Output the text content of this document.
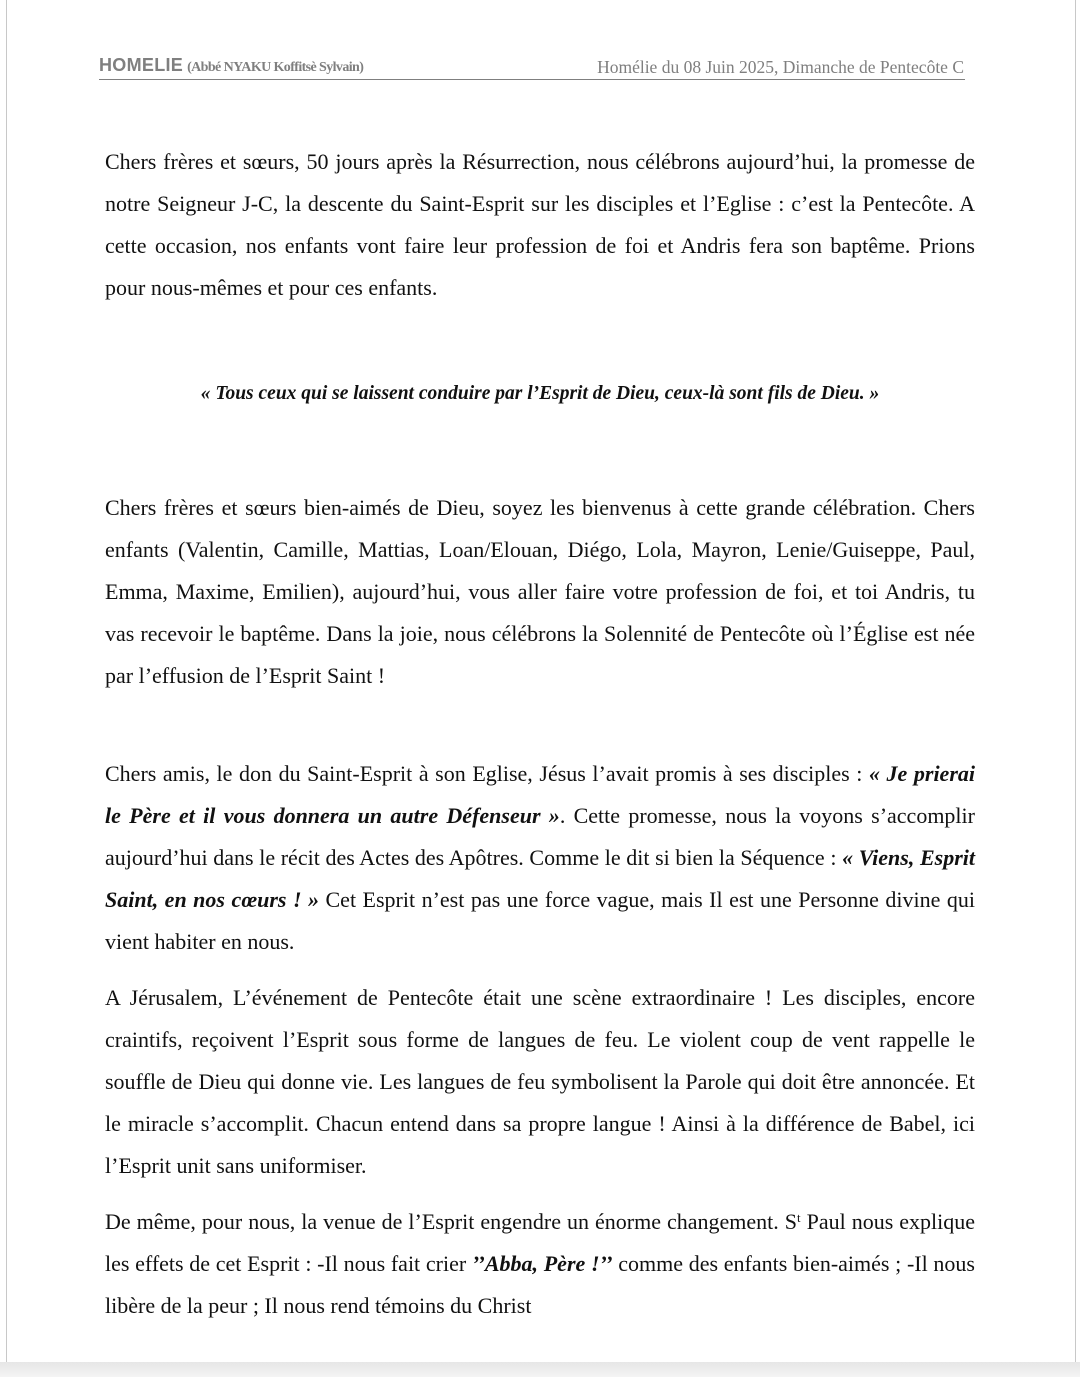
HOMELIE (Abbé NYAKU Koffitsè Sylvain)	Homélie du 08 Juin 2025, Dimanche de Pentecôte C

Chers frères et sœurs, 50 jours après la Résurrection, nous célébrons aujourd’hui, la promesse de notre Seigneur J-C, la descente du Saint-Esprit sur les disciples et l’Eglise : c’est la Pentecôte. A cette occasion, nos enfants vont faire leur profession de foi et Andris fera son baptême. Prions pour nous-mêmes et pour ces enfants.

« Tous ceux qui se laissent conduire par l’Esprit de Dieu, ceux-là sont fils de Dieu. »

Chers frères et sœurs bien-aimés de Dieu, soyez les bienvenus à cette grande célébration. Chers enfants (Valentin, Camille, Mattias, Loan/Elouan, Diégo, Lola, Mayron, Lenie/Guiseppe, Paul, Emma, Maxime, Emilien), aujourd’hui, vous aller faire votre profession de foi, et toi Andris, tu vas recevoir le baptême. Dans la joie, nous célébrons la Solennité de Pentecôte où l’Église est née par l’effusion de l’Esprit Saint !

Chers amis, le don du Saint-Esprit à son Eglise, Jésus l’avait promis à ses disciples : « Je prierai le Père et il vous donnera un autre Défenseur ». Cette promesse, nous la voyons s’accomplir aujourd’hui dans le récit des Actes des Apôtres. Comme le dit si bien la Séquence : « Viens, Esprit Saint, en nos cœurs ! » Cet Esprit n’est pas une force vague, mais Il est une Personne divine qui vient habiter en nous.

A Jérusalem, L’événement de Pentecôte était une scène extraordinaire ! Les disciples, encore craintifs, reçoivent l’Esprit sous forme de langues de feu. Le violent coup de vent rappelle le souffle de Dieu qui donne vie. Les langues de feu symbolisent la Parole qui doit être annoncée. Et le miracle s’accomplit. Chacun entend dans sa propre langue ! Ainsi à la différence de Babel, ici l’Esprit unit sans uniformiser.

De même, pour nous, la venue de l’Esprit engendre un énorme changement. $S^t$ Paul nous explique les effets de cet Esprit : -Il nous fait crier ’’Abba, Père !’’ comme des enfants bien-aimés ; -Il nous libère de la peur ; Il nous rend témoins du Christ
